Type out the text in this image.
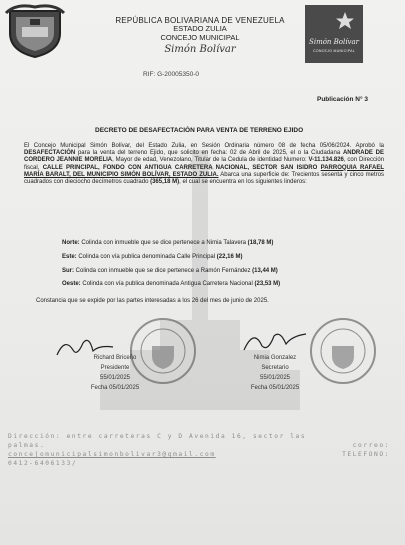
REPÚBLICA BOLIVARIANA DE VENEZUELA
ESTADO ZULIA
CONCEJO MUNICIPAL
Simón Bolívar
RIF: G-20005350-0
Simón Bolívar
CONCEJO MUNICIPAL
Publicación N° 3
DECRETO DE DESAFECTACIÓN PARA VENTA DE TERRENO EJIDO
El Concejo Municipal Simón Bolívar, del Estado Zulia, en Sesión Ordinaria número 08 de fecha 05/06/2024. Aprobó la DESAFECTACIÓN para la venta del terreno Ejido, que solicito en fecha: 02 de Abril de 2025, el o la Ciudadana ANDRADE DE CORDERO JEANNIE MORELIA, Mayor de edad, Venezolano, Titular de la Cedula de identidad Numero: V-11.134.826, con Dirección fiscal, CALLE PRINCIPAL, FONDO CON ANTIGUA CARRETERA NACIONAL, SECTOR SAN ISIDRO PARROQUIA RAFAEL MARÍA BARALT, DEL MUNICIPIO SIMÓN BOLÍVAR, ESTADO ZULIA. Abarca una superficie de: Trecientos sesenta y cinco metros cuadrados con dieciocho decímetros cuadrado (365,18 M), el cual se encuentra en los siguientes linderos:
Norte: Colinda con inmueble que se dice pertenece a Nimia Talavera (18,78 M)
Este: Colinda con vía publica denominada Calle Principal (22,16 M)
Sur: Colinda con inmueble que se dice pertenece a Ramón Fernández (13,44 M)
Oeste: Colinda con vía publica denominada Antigua Carretera Nacional (23,53 M)
Constancia que se expide por las partes interesadas a los 26 del mes de junio de 2025.
Richard Briceño
Presidente
55/01/2025
Fecha 05/01/2025
Nimia Gonzalez
Secretario
55/01/2025
Fecha 05/01/2025
Dirección: entre carreteras C y D Avenida 16, sector las
palmas.	correo:
concejomunicipalsimonbolivar3@gmail.com	TELEFONO:
0412-6406133/
